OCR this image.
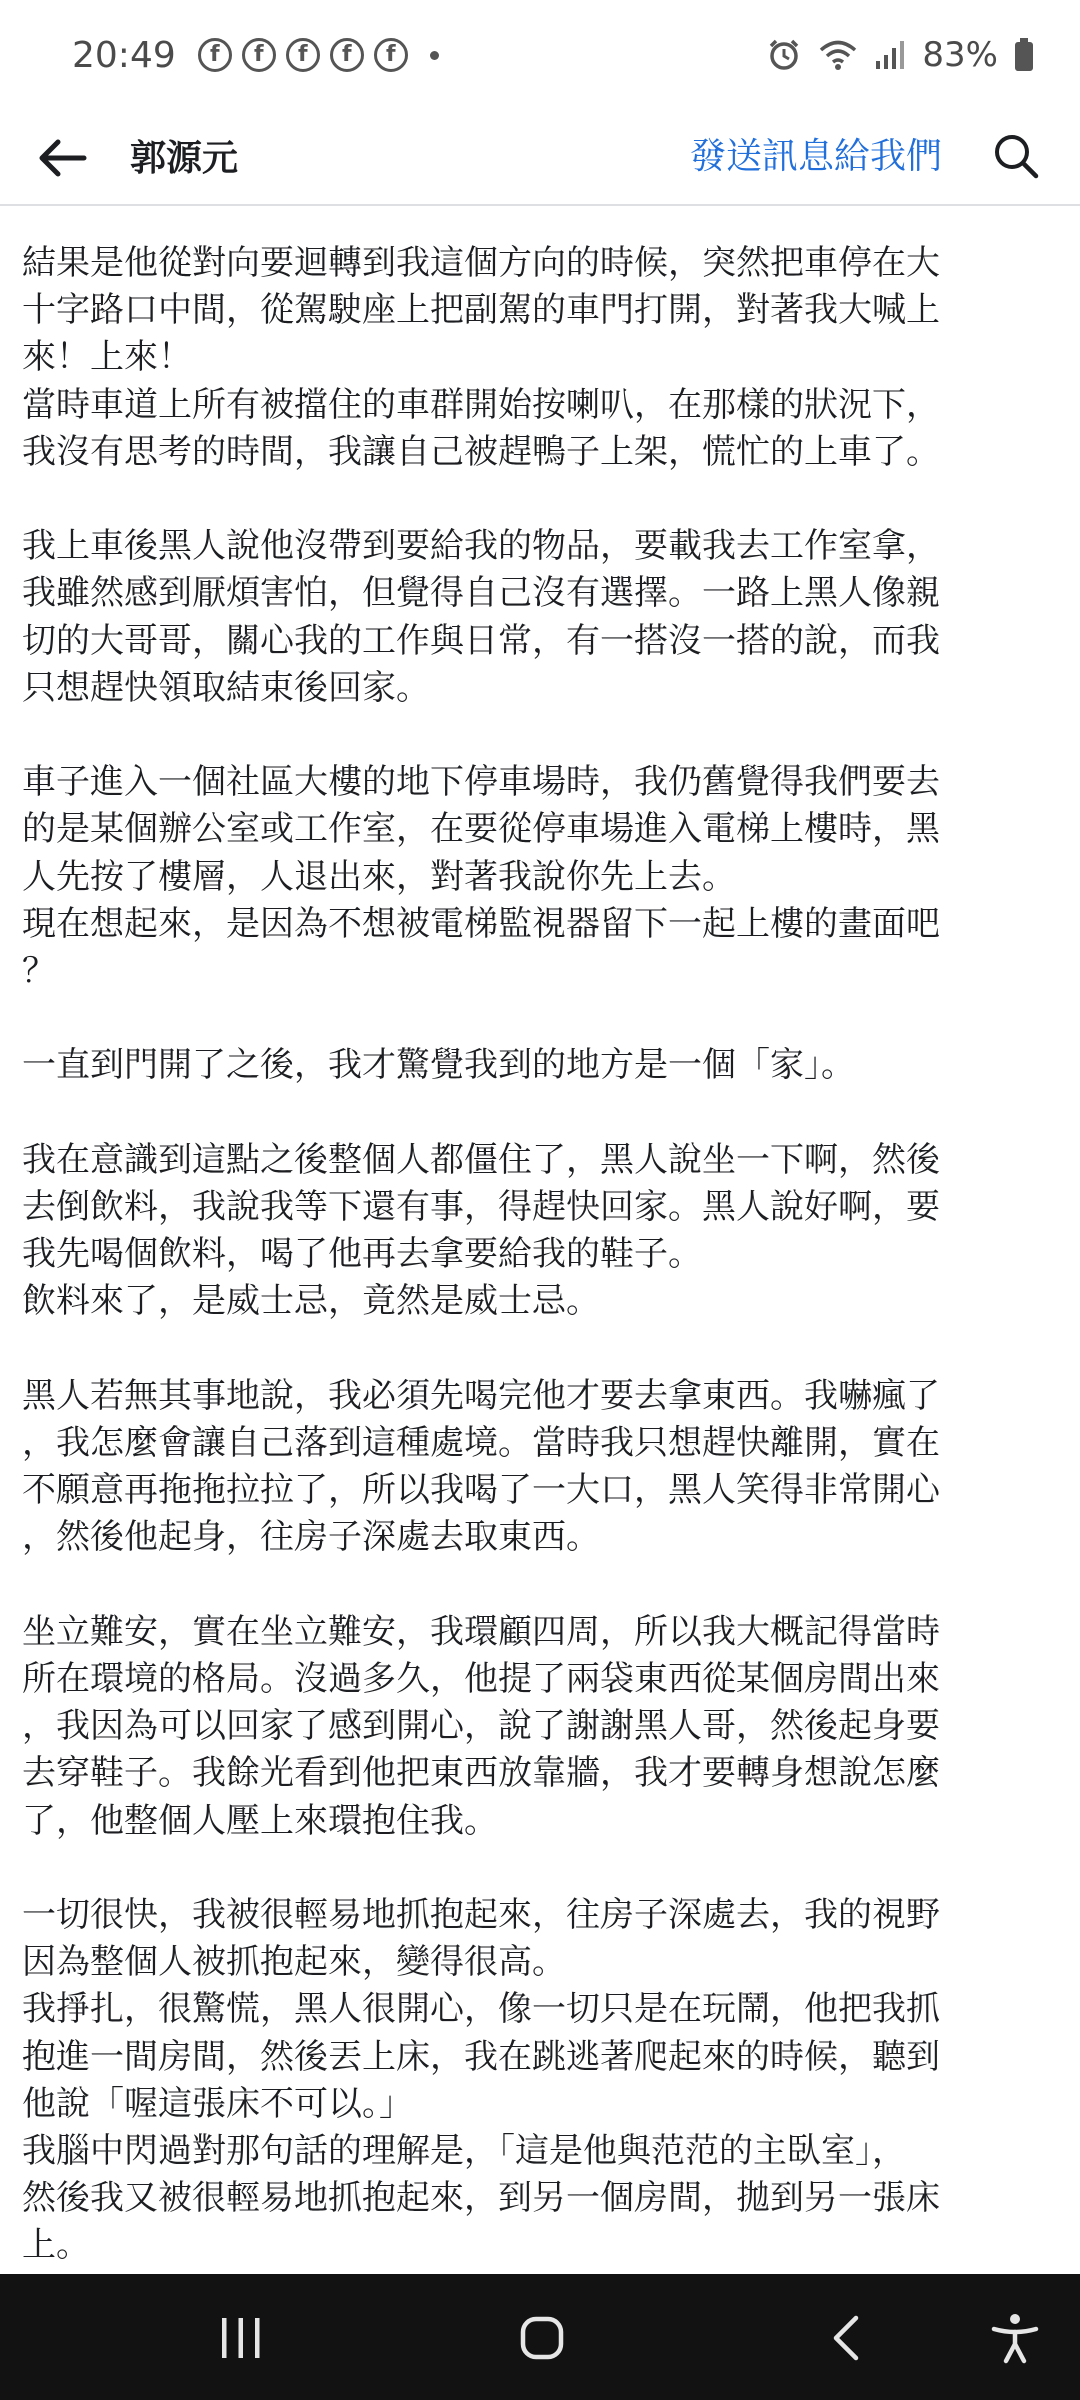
20:49	f	f	f	f	f	83%
郭源元	發送訊息給我們

結果是他從對向要迴轉到我這個方向的時候，突然把車停在大

十字路口中間，從駕駛座上把副駕的車門打開，對著我大喊上

來！上來！

當時車道上所有被擋住的車群開始按喇叭，在那樣的狀況下，

我沒有思考的時間，我讓自己被趕鴨子上架，慌忙的上車了。

我上車後黑人說他沒帶到要給我的物品，要載我去工作室拿，

我雖然感到厭煩害怕，但覺得自己沒有選擇。一路上黑人像親

切的大哥哥，關心我的工作與日常，有一搭沒一搭的說，而我

只想趕快領取結束後回家。

車子進入一個社區大樓的地下停車場時，我仍舊覺得我們要去

的是某個辦公室或工作室，在要從停車場進入電梯上樓時，黑

人先按了樓層，人退出來，對著我說你先上去。

現在想起來，是因為不想被電梯監視器留下一起上樓的畫面吧

？

一直到門開了之後，我才驚覺我到的地方是一個「家」。

我在意識到這點之後整個人都僵住了，黑人說坐一下啊，然後

去倒飲料，我說我等下還有事，得趕快回家。黑人說好啊，要

我先喝個飲料，喝了他再去拿要給我的鞋子。

飲料來了，是威士忌，竟然是威士忌。

黑人若無其事地說，我必須先喝完他才要去拿東西。我嚇瘋了

，我怎麼會讓自己落到這種處境。當時我只想趕快離開，實在

不願意再拖拖拉拉了，所以我喝了一大口，黑人笑得非常開心

，然後他起身，往房子深處去取東西。

坐立難安，實在坐立難安，我環顧四周，所以我大概記得當時

所在環境的格局。沒過多久，他提了兩袋東西從某個房間出來

，我因為可以回家了感到開心，說了謝謝黑人哥，然後起身要

去穿鞋子。我餘光看到他把東西放靠牆，我才要轉身想說怎麼

了，他整個人壓上來環抱住我。

一切很快，我被很輕易地抓抱起來，往房子深處去，我的視野

因為整個人被抓抱起來，變得很高。

我掙扎，很驚慌，黑人很開心，像一切只是在玩鬧，他把我抓

抱進一間房間，然後丟上床，我在跳逃著爬起來的時候，聽到

他說「喔這張床不可以。」

我腦中閃過對那句話的理解是，「這是他與范范的主臥室」，

然後我又被很輕易地抓抱起來，到另一個房間，拋到另一張床

上。
